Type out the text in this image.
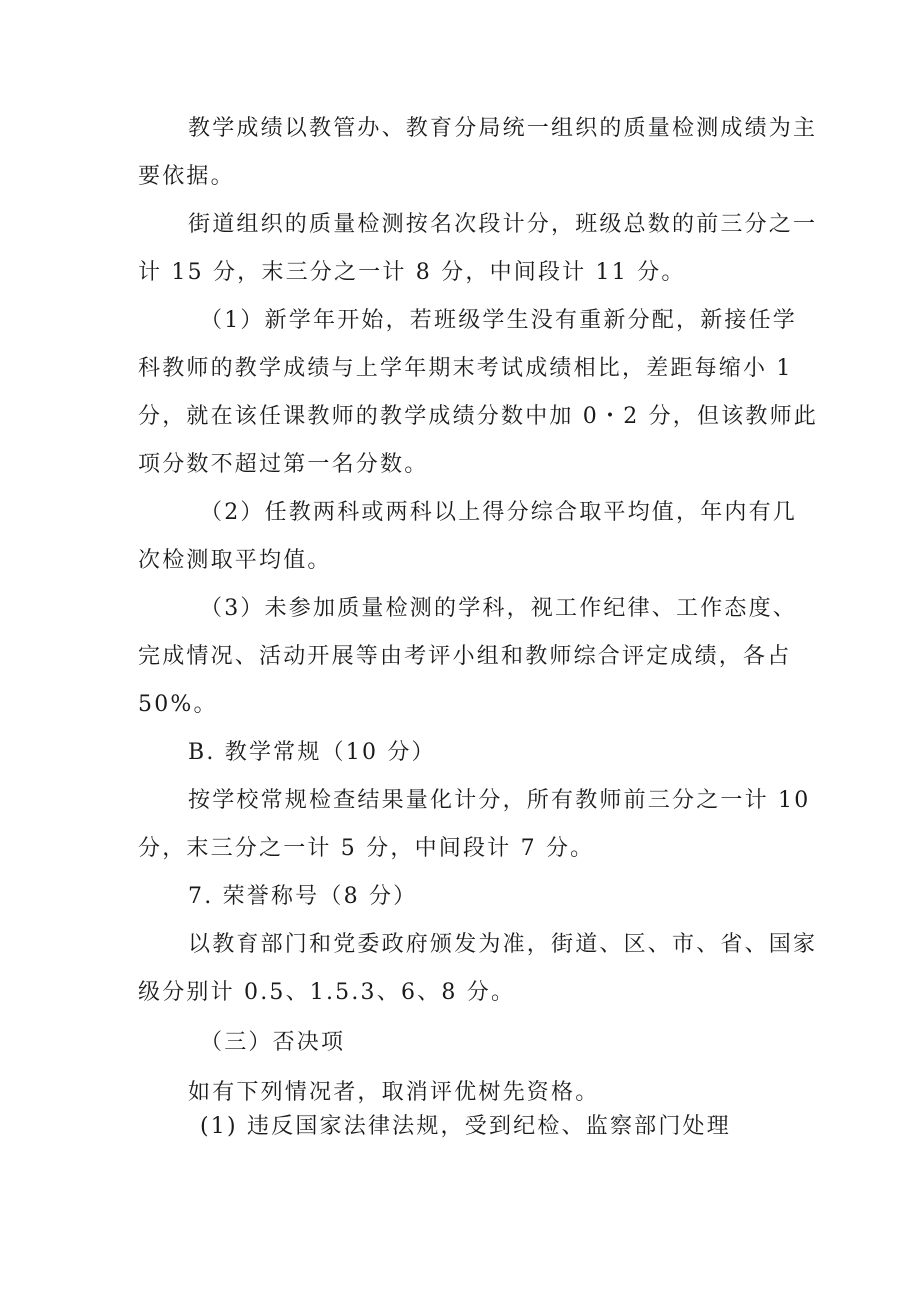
教学成绩以教管办、教育分局统一组织的质量检测成绩为主
要依据。
街道组织的质量检测按名次段计分，班级总数的前三分之一
计 15 分，末三分之一计 8 分，中间段计 11 分。
（1）新学年开始，若班级学生没有重新分配，新接任学
科教师的教学成绩与上学年期末考试成绩相比，差距每缩小 1
分，就在该任课教师的教学成绩分数中加 0・2 分，但该教师此
项分数不超过第一名分数。
（2）任教两科或两科以上得分综合取平均值，年内有几
次检测取平均值。
（3）未参加质量检测的学科，视工作纪律、工作态度、
完成情况、活动开展等由考评小组和教师综合评定成绩，各占
50%。
B. 教学常规（10 分）
按学校常规检查结果量化计分，所有教师前三分之一计 10
分，末三分之一计 5 分，中间段计 7 分。
7. 荣誉称号（8 分）
以教育部门和党委政府颁发为准，街道、区、市、省、国家
级分别计 0.5、1.5.3、6、8 分。
（三）否决项
如有下列情况者，取消评优树先资格。
(1) 违反国家法律法规，受到纪检、监察部门处理
